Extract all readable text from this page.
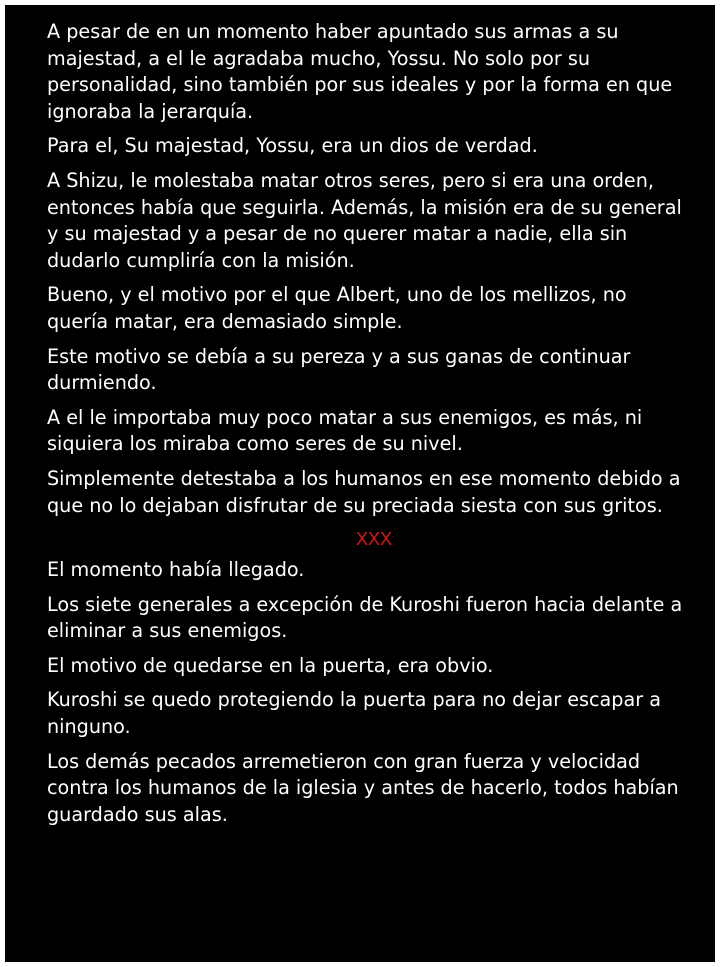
A pesar de en un momento haber apuntado sus armas a su majestad, a el le agradaba mucho, Yossu. No solo por su personalidad, sino también por sus ideales y por la forma en que ignoraba la jerarquía.

Para el, Su majestad, Yossu, era un dios de verdad.

A Shizu, le molestaba matar otros seres, pero si era una orden, entonces había que seguirla. Además, la misión era de su general y su majestad y a pesar de no querer matar a nadie, ella sin dudarlo cumpliría con la misión.

Bueno, y el motivo por el que Albert, uno de los mellizos, no quería matar, era demasiado simple.

Este motivo se debía a su pereza y a sus ganas de continuar durmiendo.

A el le importaba muy poco matar a sus enemigos, es más, ni siquiera los miraba como seres de su nivel.

Simplemente detestaba a los humanos en ese momento debido a que no lo dejaban disfrutar de su preciada siesta con sus gritos.

XXX

El momento había llegado.

Los siete generales a excepción de Kuroshi fueron hacia delante a eliminar a sus enemigos.

El motivo de quedarse en la puerta, era obvio.

Kuroshi se quedo protegiendo la puerta para no dejar escapar a ninguno.

Los demás pecados arremetieron con gran fuerza y velocidad contra los humanos de la iglesia y antes de hacerlo, todos habían guardado sus alas.
